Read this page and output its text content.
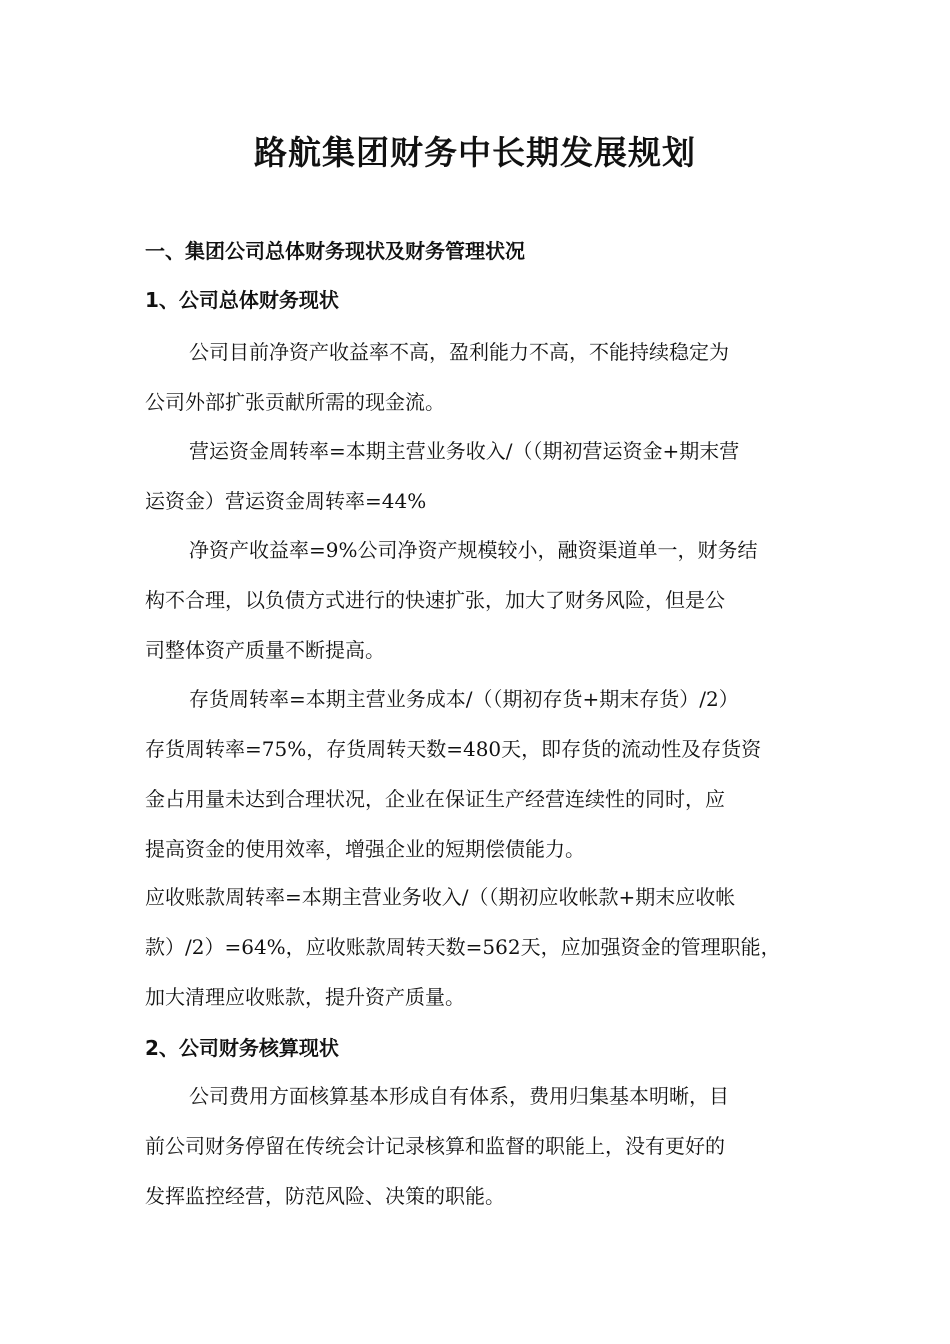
路航集团财务中长期发展规划
一、集团公司总体财务现状及财务管理状况
1、公司总体财务现状
公司目前净资产收益率不高，盈利能力不高，不能持续稳定为
公司外部扩张贡献所需的现金流。
营运资金周转率=本期主营业务收入/（（期初营运资金+期末营
运资金）营运资金周转率=44%
净资产收益率=9%公司净资产规模较小，融资渠道单一，财务结
构不合理，以负债方式进行的快速扩张，加大了财务风险，但是公
司整体资产质量不断提高。
存货周转率=本期主营业务成本/（（期初存货+期末存货）/2）
存货周转率=75%，存货周转天数=480天，即存货的流动性及存货资
金占用量未达到合理状况，企业在保证生产经营连续性的同时，应
提高资金的使用效率，增强企业的短期偿债能力。
应收账款周转率=本期主营业务收入/（（期初应收帐款+期末应收帐
款）/2）=64%，应收账款周转天数=562天，应加强资金的管理职能，
加大清理应收账款，提升资产质量。
2、公司财务核算现状
公司费用方面核算基本形成自有体系，费用归集基本明晰，目
前公司财务停留在传统会计记录核算和监督的职能上，没有更好的
发挥监控经营，防范风险、决策的职能。
